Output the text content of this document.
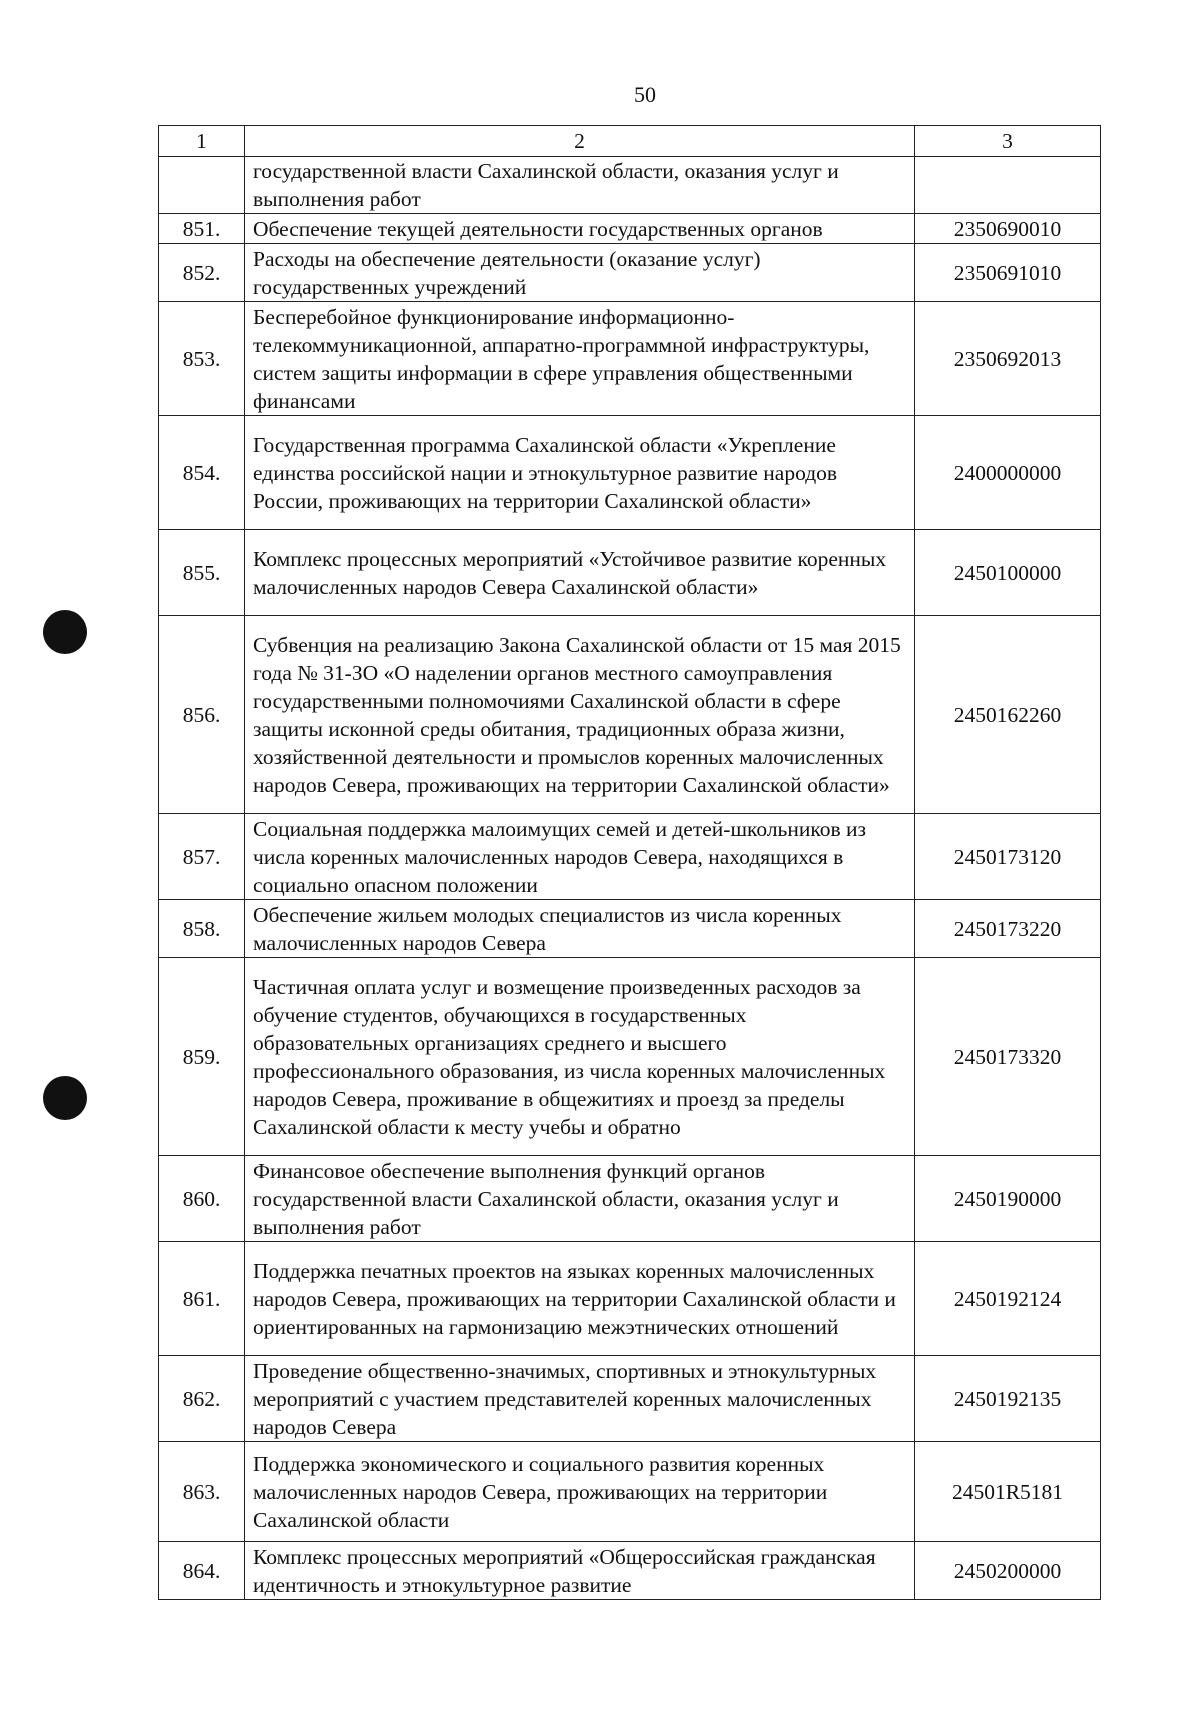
50
1	2	3
	государственной власти Сахалинской области, оказания услуг и выполнения работ	
851.	Обеспечение текущей деятельности государственных органов	2350690010
852.	Расходы на обеспечение деятельности (оказание услуг) государственных учреждений	2350691010
853.	Бесперебойное функционирование информационно-телекоммуникационной, аппаратно-программной инфраструктуры, систем защиты информации в сфере управления общественными финансами	2350692013
854.	Государственная программа Сахалинской области «Укрепление единства российской нации и этнокультурное развитие народов России, проживающих на территории Сахалинской области»	2400000000
855.	Комплекс процессных мероприятий «Устойчивое развитие коренных малочисленных народов Севера Сахалинской области»	2450100000
856.	Субвенция на реализацию Закона Сахалинской области от 15 мая 2015 года № 31-ЗО «О наделении органов местного самоуправления государственными полномочиями Сахалинской области в сфере защиты исконной среды обитания, традиционных образа жизни, хозяйственной деятельности и промыслов коренных малочисленных народов Севера, проживающих на территории Сахалинской области»	2450162260
857.	Социальная поддержка малоимущих семей и детей-школьников из числа коренных малочисленных народов Севера, находящихся в социально опасном положении	2450173120
858.	Обеспечение жильем молодых специалистов из числа коренных малочисленных народов Севера	2450173220
859.	Частичная оплата услуг и возмещение произведенных расходов за обучение студентов, обучающихся в государственных образовательных организациях среднего и высшего профессионального образования, из числа коренных малочисленных народов Севера, проживание в общежитиях и проезд за пределы Сахалинской области к месту учебы и обратно	2450173320
860.	Финансовое обеспечение выполнения функций органов государственной власти Сахалинской области, оказания услуг и выполнения работ	2450190000
861.	Поддержка печатных проектов на языках коренных малочисленных народов Севера, проживающих на территории Сахалинской области и ориентированных на гармонизацию межэтнических отношений	2450192124
862.	Проведение общественно-значимых, спортивных и этнокультурных мероприятий с участием представителей коренных малочисленных народов Севера	2450192135
863.	Поддержка экономического и социального развития коренных малочисленных народов Севера, проживающих на территории Сахалинской области	24501R5181
864.	Комплекс процессных мероприятий «Общероссийская гражданская идентичность и этнокультурное развитие	2450200000
